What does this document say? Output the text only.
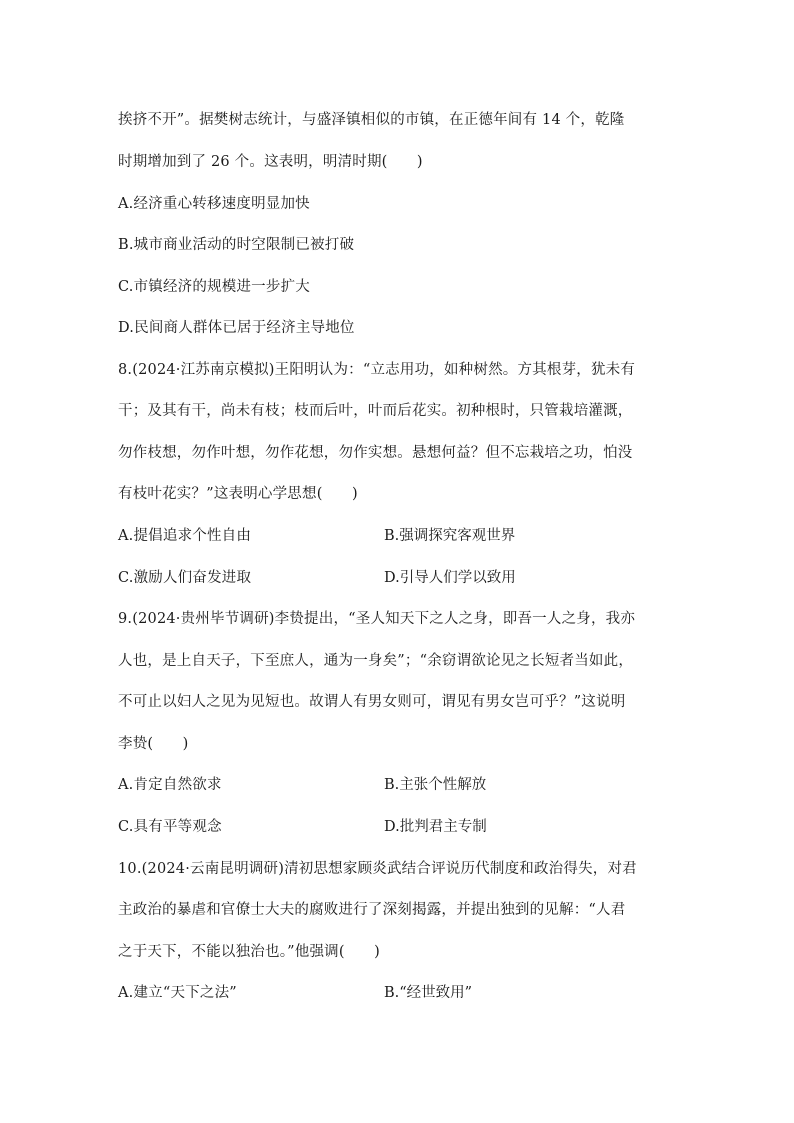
挨挤不开”。据樊树志统计，与盛泽镇相似的市镇，在正德年间有 14 个，乾隆
时期增加到了 26 个。这表明，明清时期(　　)
A.经济重心转移速度明显加快
B.城市商业活动的时空限制已被打破
C.市镇经济的规模进一步扩大
D.民间商人群体已居于经济主导地位
8.(2024·江苏南京模拟)王阳明认为：“立志用功，如种树然。方其根芽，犹未有
干；及其有干，尚未有枝；枝而后叶，叶而后花实。初种根时，只管栽培灌溉，
勿作枝想，勿作叶想，勿作花想，勿作实想。悬想何益？但不忘栽培之功，怕没
有枝叶花实？”这表明心学思想(　　)
A.提倡追求个性自由	B.强调探究客观世界
C.激励人们奋发进取	D.引导人们学以致用
9.(2024·贵州毕节调研)李贽提出，“圣人知天下之人之身，即吾一人之身，我亦
人也，是上自天子，下至庶人，通为一身矣”；“余窃谓欲论见之长短者当如此，
不可止以妇人之见为见短也。故谓人有男女则可，谓见有男女岂可乎？”这说明
李贽(　　)
A.肯定自然欲求	B.主张个性解放
C.具有平等观念	D.批判君主专制
10.(2024·云南昆明调研)清初思想家顾炎武结合评说历代制度和政治得失，对君
主政治的暴虐和官僚士大夫的腐败进行了深刻揭露，并提出独到的见解：“人君
之于天下，不能以独治也。”他强调(　　)
A.建立“天下之法”	B.“经世致用”
